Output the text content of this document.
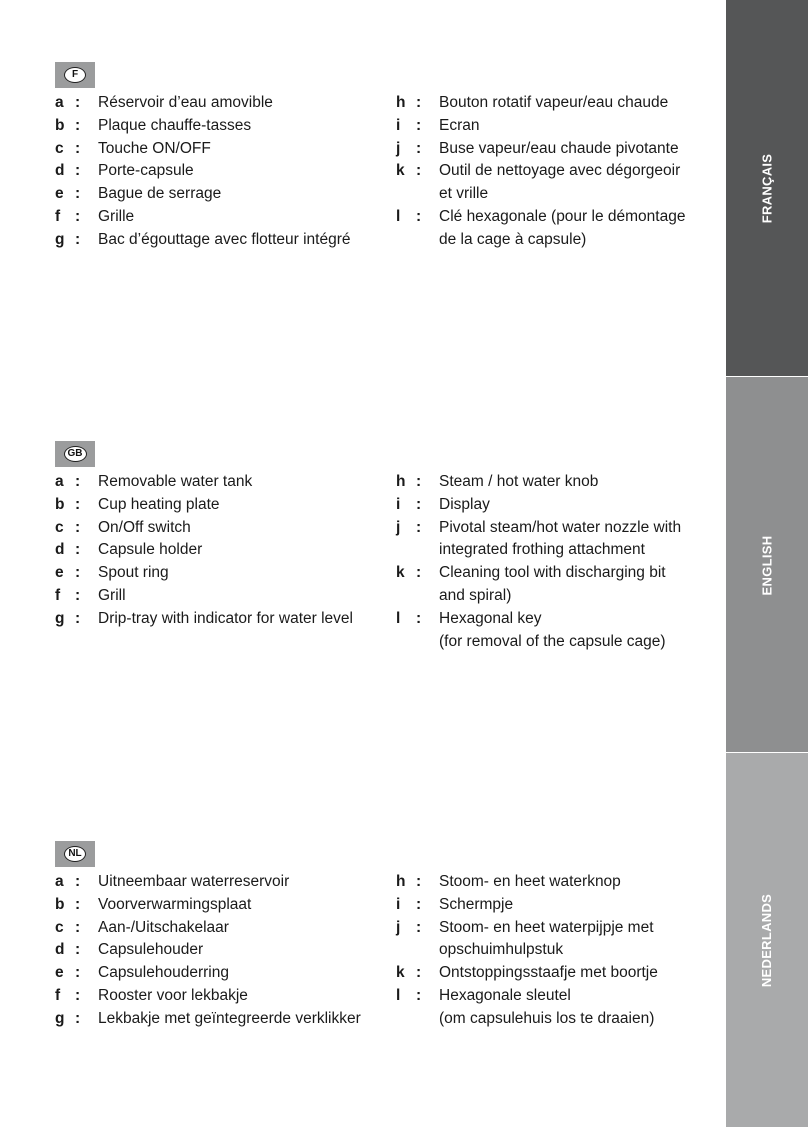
FRANÇAIS
ENGLISH
NEDERLANDS
F
a : Réservoir d’eau amovible
b : Plaque chauffe-tasses
c : Touche ON/OFF
d : Porte-capsule
e : Bague de serrage
f : Grille
g : Bac d’égouttage avec flotteur intégré
h : Bouton rotatif vapeur/eau chaude
i	: Ecran
j	: Buse vapeur/eau chaude pivotante
k : Outil de nettoyage avec dégorgeoir
et vrille
l	: Clé hexagonale (pour le démontage
de la cage à capsule)
GB
a : Removable water tank
b : Cup heating plate
c : On/Off switch
d : Capsule holder
e : Spout ring
f : Grill
g : Drip-tray with indicator for water level
h : Steam / hot water knob
i	: Display
j	: Pivotal steam/hot water nozzle with
integrated frothing attachment
k : Cleaning tool with discharging bit
and spiral)
l	: Hexagonal key
(for removal of the capsule cage)
NL
a : Uitneembaar waterreservoir
b : Voorverwarmingsplaat
c : Aan-/Uitschakelaar
d : Capsulehouder
e : Capsulehouderring
f : Rooster voor lekbakje
g : Lekbakje met geïntegreerde verklikker
h : Stoom- en heet waterknop
i	: Schermpje
j	: Stoom- en heet waterpijpje met
opschuimhulpstuk
k : Ontstoppingsstaafje met boortje
l	: Hexagonale sleutel
(om capsulehuis los te draaien)
